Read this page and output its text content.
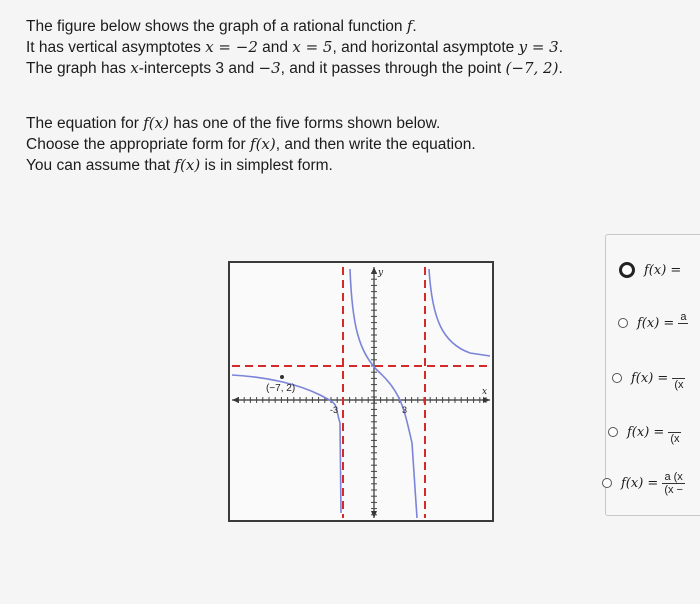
The figure below shows the graph of a rational function f.
It has vertical asymptotes x = −2 and x = 5, and horizontal asymptote y = 3.
The graph has x-intercepts 3 and −3, and it passes through the point (−7, 2).
The equation for f(x) has one of the five forms shown below.
Choose the appropriate form for f(x), and then write the equation.
You can assume that f(x) is in simplest form.
(−7, 2)
-3	3
y
x
f(x) =
f(x) = a

f(x) =
(x
f(x) =
(x
$f(x) = \frac{a (x}{(x -}$
